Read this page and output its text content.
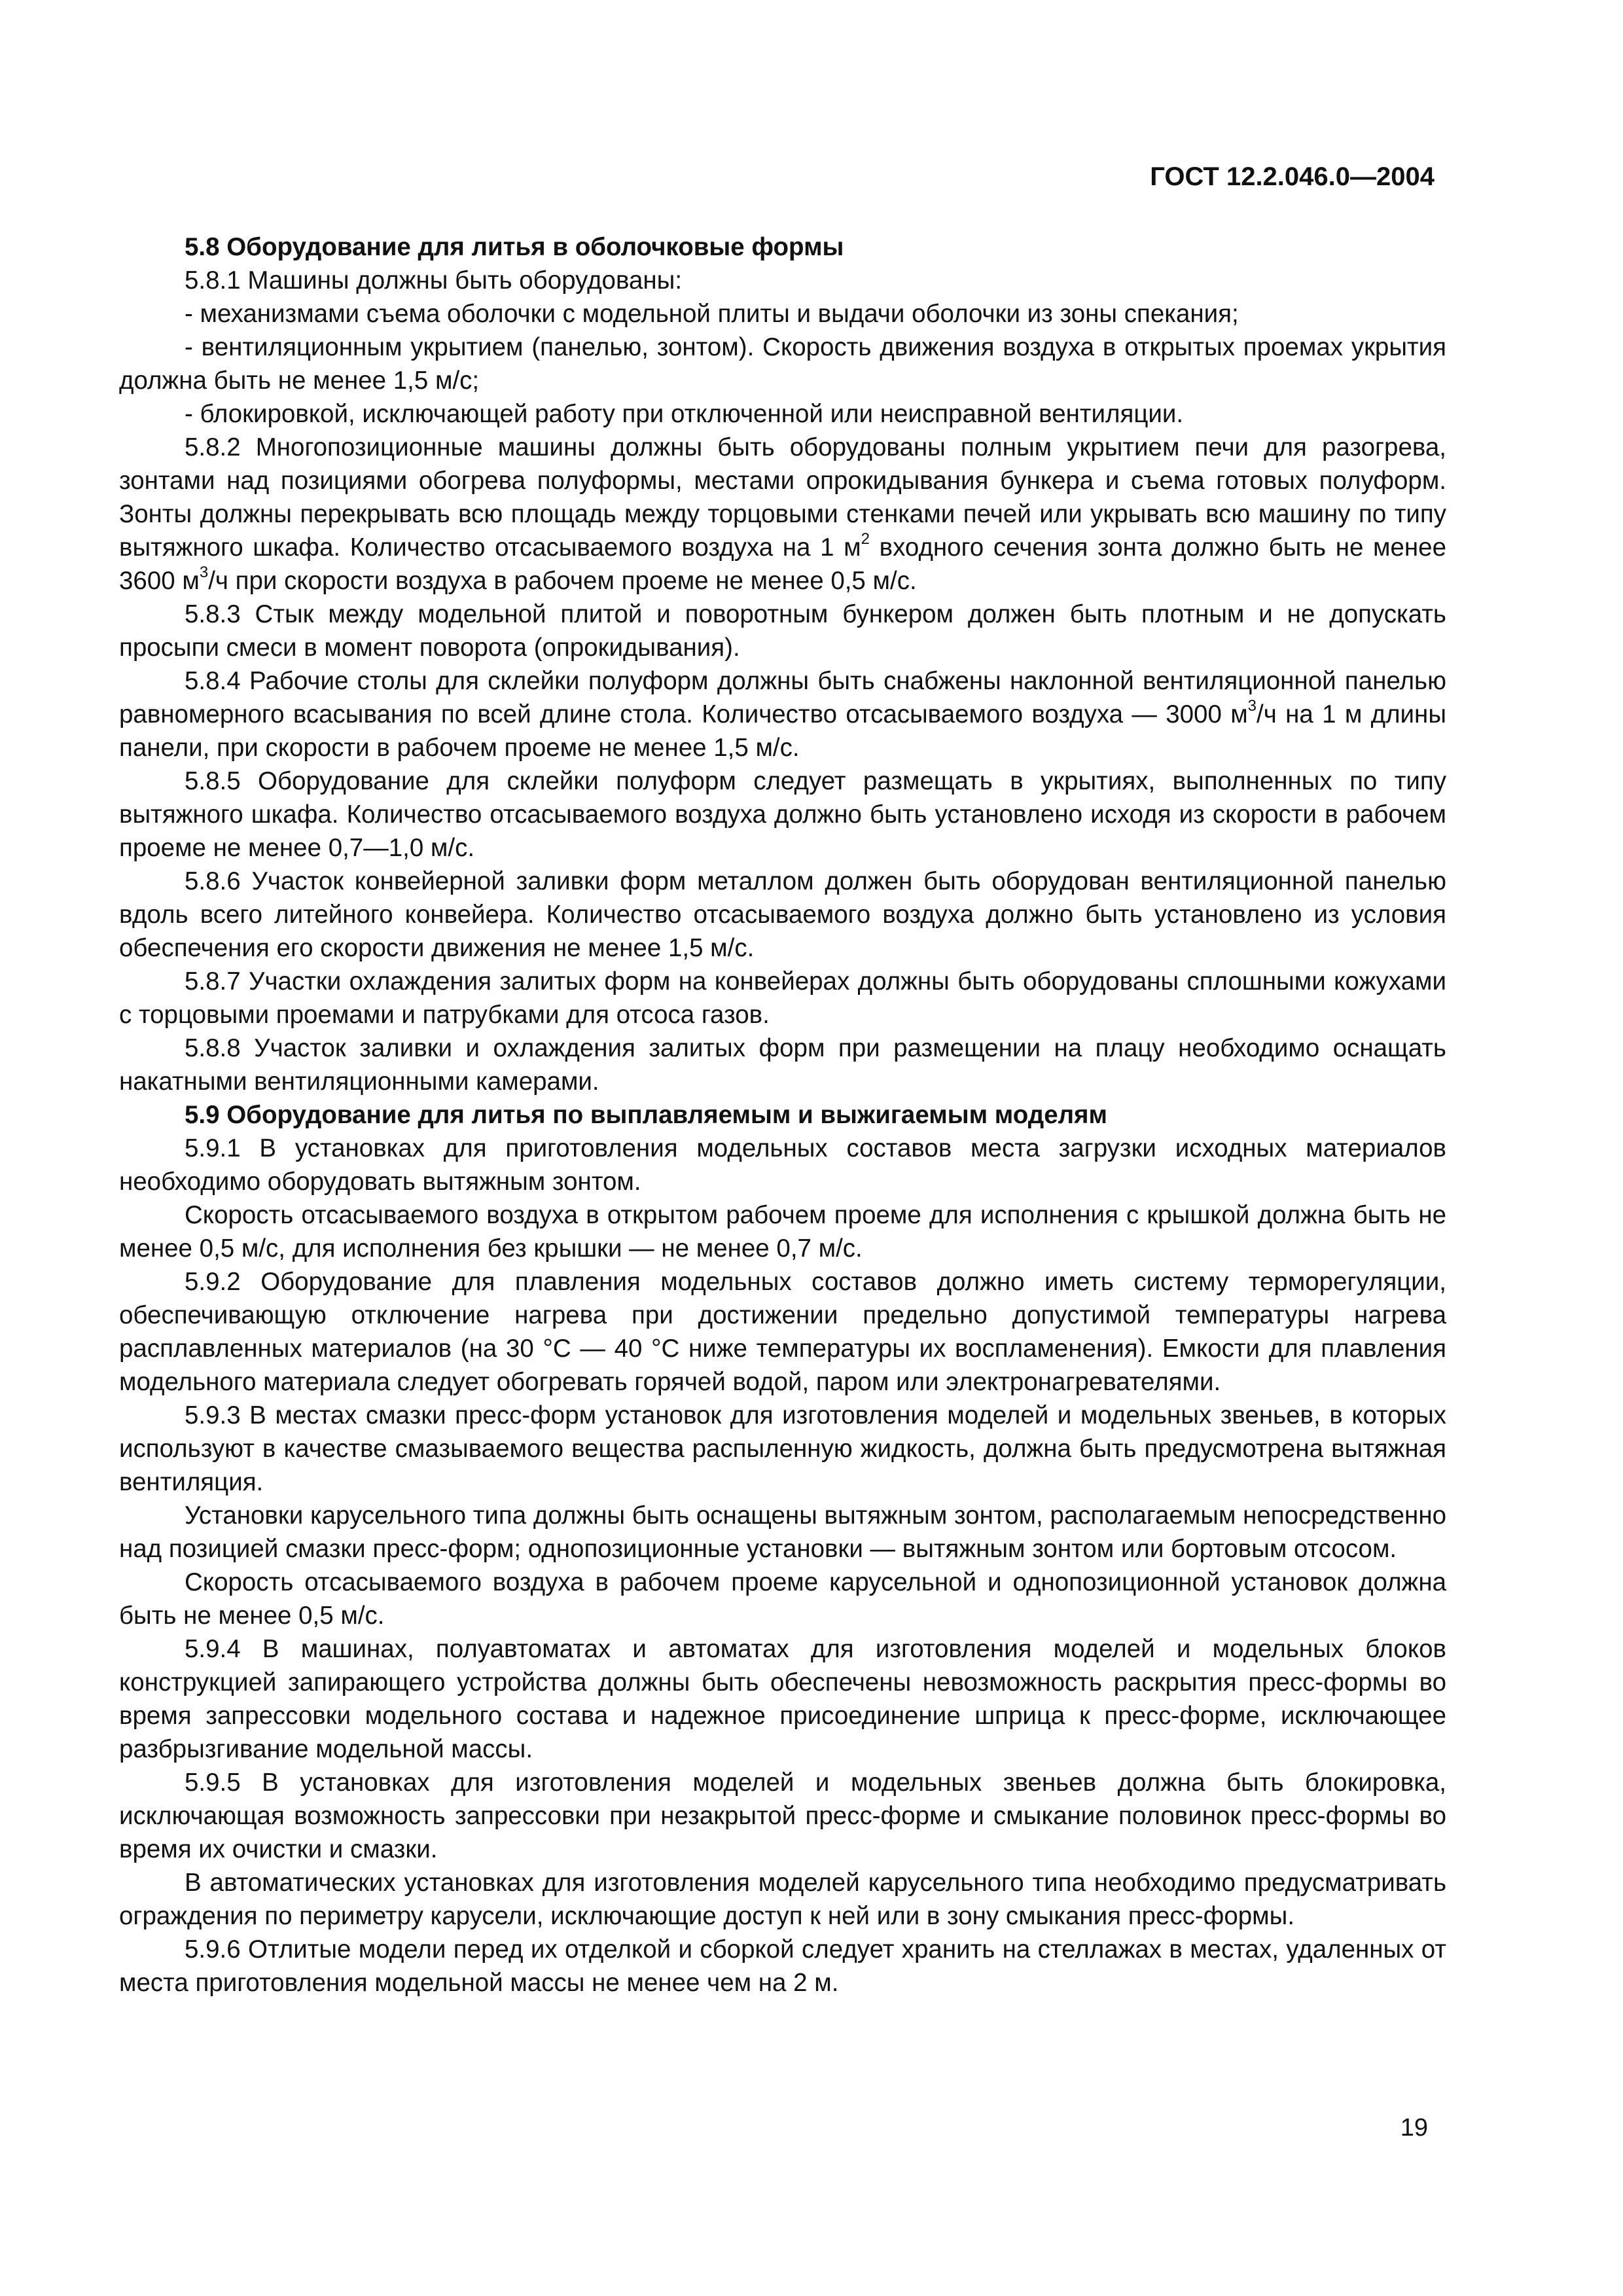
ГОСТ 12.2.046.0—2004

5.8 Оборудование для литья в оболочковые формы

5.8.1 Машины должны быть оборудованы:

- механизмами съема оболочки с модельной плиты и выдачи оболочки из зоны спекания;

- вентиляционным укрытием (панелью, зонтом). Скорость движения воздуха в открытых проемах укрытия должна быть не менее 1,5 м/с;

- блокировкой, исключающей работу при отключенной или неисправной вентиляции.

5.8.2 Многопозиционные машины должны быть оборудованы полным укрытием печи для разогрева, зонтами над позициями обогрева полуформы, местами опрокидывания бункера и съема готовых полуформ. Зонты должны перекрывать всю площадь между торцовыми стенками печей или укрывать всю машину по типу вытяжного шкафа. Количество отсасываемого воздуха на 1 $м^2$ входного сечения зонта должно быть не менее 3600 $м^3/ч$ при скорости воздуха в рабочем проеме не менее 0,5 м/с.

5.8.3 Стык между модельной плитой и поворотным бункером должен быть плотным и не допускать просыпи смеси в момент поворота (опрокидывания).

5.8.4 Рабочие столы для склейки полуформ должны быть снабжены наклонной вентиляционной панелью равномерного всасывания по всей длине стола. Количество отсасываемого воздуха — 3000 $м^3/ч$ на 1 м длины панели, при скорости в рабочем проеме не менее 1,5 м/с.

5.8.5 Оборудование для склейки полуформ следует размещать в укрытиях, выполненных по типу вытяжного шкафа. Количество отсасываемого воздуха должно быть установлено исходя из скорости в рабочем проеме не менее 0,7—1,0 м/с.

5.8.6 Участок конвейерной заливки форм металлом должен быть оборудован вентиляционной панелью вдоль всего литейного конвейера. Количество отсасываемого воздуха должно быть установлено из условия обеспечения его скорости движения не менее 1,5 м/с.

5.8.7 Участки охлаждения залитых форм на конвейерах должны быть оборудованы сплошными кожухами с торцовыми проемами и патрубками для отсоса газов.

5.8.8 Участок заливки и охлаждения залитых форм при размещении на плацу необходимо оснащать накатными вентиляционными камерами.

5.9 Оборудование для литья по выплавляемым и выжигаемым моделям

5.9.1 В установках для приготовления модельных составов места загрузки исходных материалов необходимо оборудовать вытяжным зонтом.

Скорость отсасываемого воздуха в открытом рабочем проеме для исполнения с крышкой должна быть не менее 0,5 м/с, для исполнения без крышки — не менее 0,7 м/с.

5.9.2 Оборудование для плавления модельных составов должно иметь систему терморегуляции, обеспечивающую отключение нагрева при достижении предельно допустимой температуры нагрева расплавленных материалов (на 30 °С — 40 °С ниже температуры их воспламенения). Емкости для плавления модельного материала следует обогревать горячей водой, паром или электронагревателями.

5.9.3 В местах смазки пресс-форм установок для изготовления моделей и модельных звеньев, в которых используют в качестве смазываемого вещества распыленную жидкость, должна быть предусмотрена вытяжная вентиляция.

Установки карусельного типа должны быть оснащены вытяжным зонтом, располагаемым непосредственно над позицией смазки пресс-форм; однопозиционные установки — вытяжным зонтом или бортовым отсосом.

Скорость отсасываемого воздуха в рабочем проеме карусельной и однопозиционной установок должна быть не менее 0,5 м/с.

5.9.4 В машинах, полуавтоматах и автоматах для изготовления моделей и модельных блоков конструкцией запирающего устройства должны быть обеспечены невозможность раскрытия пресс-формы во время запрессовки модельного состава и надежное присоединение шприца к пресс-форме, исключающее разбрызгивание модельной массы.

5.9.5 В установках для изготовления моделей и модельных звеньев должна быть блокировка, исключающая возможность запрессовки при незакрытой пресс-форме и смыкание половинок пресс-формы во время их очистки и смазки.

В автоматических установках для изготовления моделей карусельного типа необходимо предусматривать ограждения по периметру карусели, исключающие доступ к ней или в зону смыкания пресс-формы.

5.9.6 Отлитые модели перед их отделкой и сборкой следует хранить на стеллажах в местах, удаленных от места приготовления модельной массы не менее чем на 2 м.

19
